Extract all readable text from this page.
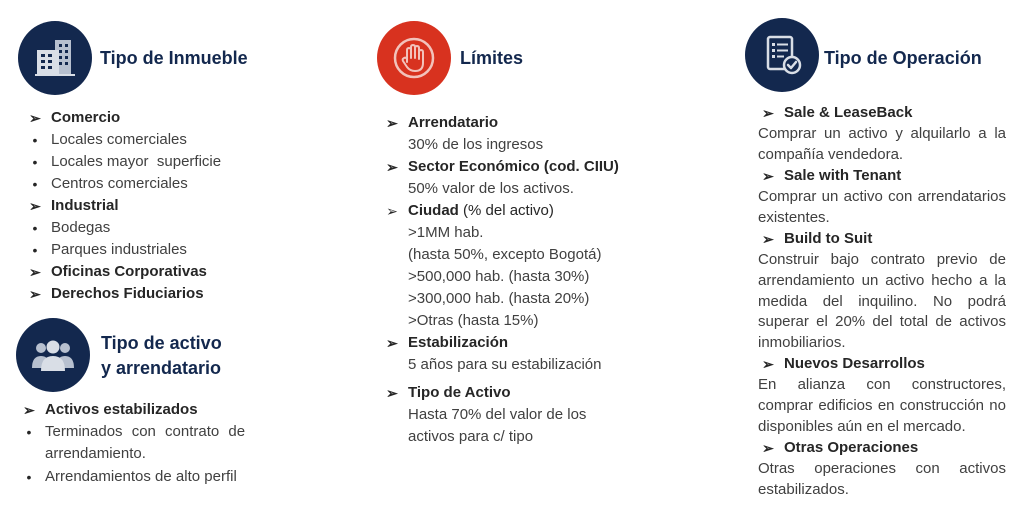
Tipo de Inmueble
➢ Comercio
• Locales comerciales
• Locales mayor  superficie
• Centros comerciales
➢ Industrial
• Bodegas
• Parques industriales
➢ Oficinas Corporativas
➢ Derechos Fiduciarios
Tipo de activo
y arrendatario
➢ Activos estabilizados
• Terminados con contrato de
arrendamiento.
• Arrendamientos de alto perfil
Límites
➢ Arrendatario
30% de los ingresos
➢ Sector Económico (cod. CIIU)
50% valor de los activos.
➢ Ciudad (% del activo)
>1MM hab.
(hasta 50%, excepto Bogotá)
>500,000 hab. (hasta 30%)
>300,000 hab. (hasta 20%)
>Otras (hasta 15%)
➢ Estabilización
5 años para su estabilización
➢ Tipo de Activo
Hasta 70% del valor de los
activos para c/ tipo
Tipo de Operación
➢ Sale & LeaseBack

Comprar un activo y alquilarlo a la compañía vendedora.

➢ Sale with Tenant

Comprar un activo con arrendatarios existentes.

➢ Build to Suit

Construir bajo contrato previo de arrendamiento un activo hecho a la medida del inquilino. No podrá superar el 20% del total de activos inmobiliarios.

➢ Nuevos Desarrollos

En alianza con constructores, comprar edificios en construcción no disponibles aún en el mercado.

➢ Otras Operaciones

Otras operaciones con activos estabilizados.
